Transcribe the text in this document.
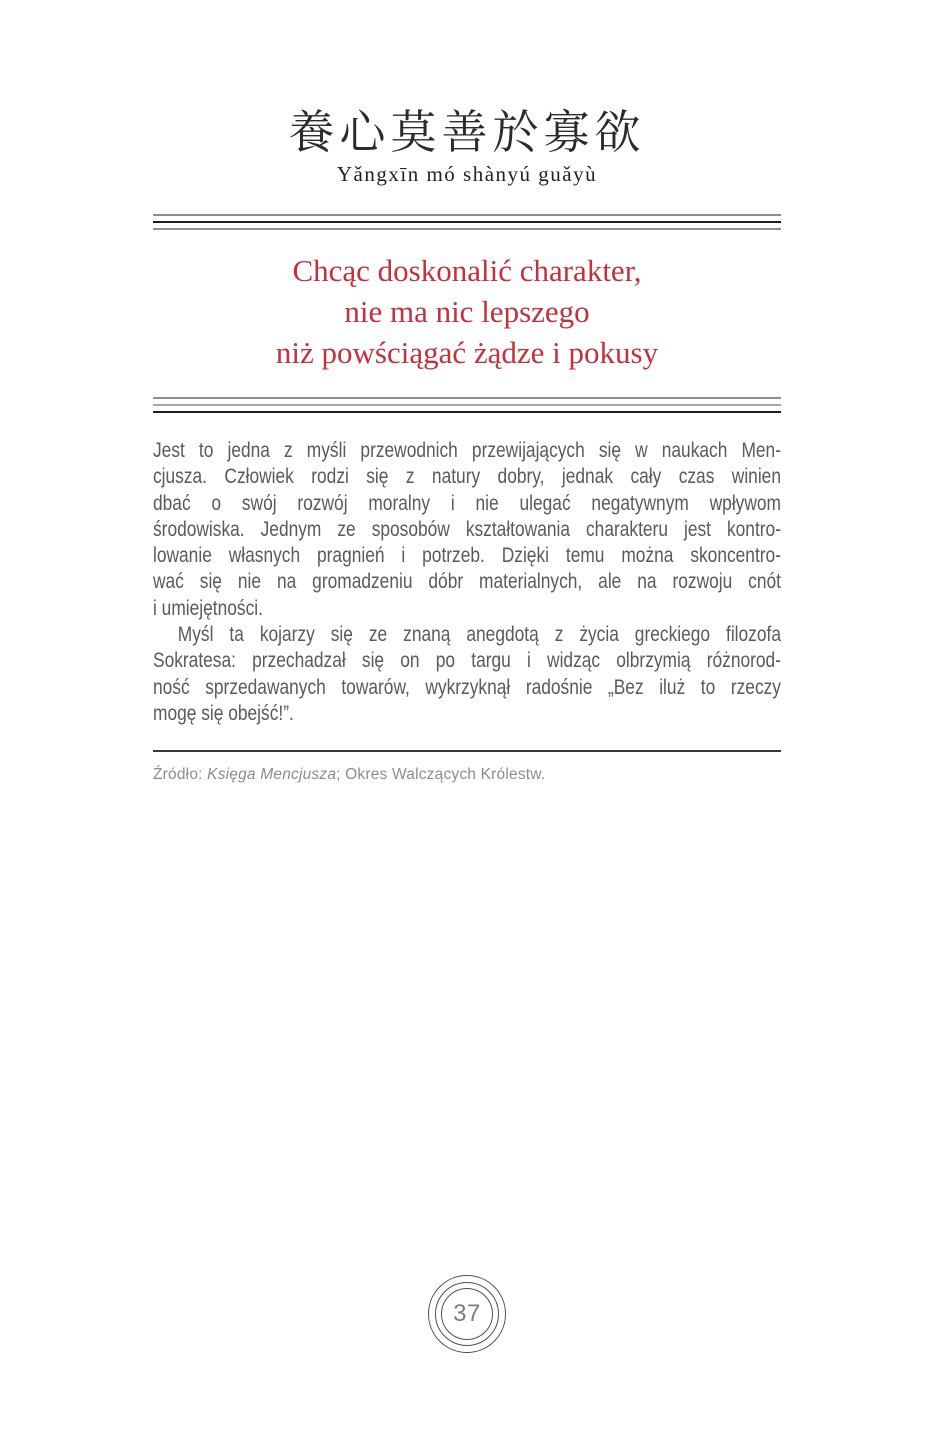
養心莫善於寡欲
Yǎngxīn mó shànyú guǎyù
Chcąc doskonalić charakter,
nie ma nic lepszego
niż powściągać żądze i pokusy
Jest to jedna z myśli przewodnich przewijających się w naukach Men-
cjusza. Człowiek rodzi się z natury dobry, jednak cały czas winien
dbać o swój rozwój moralny i nie ulegać negatywnym wpływom
środowiska. Jednym ze sposobów kształtowania charakteru jest kontro-
lowanie własnych pragnień i potrzeb. Dzięki temu można skoncentro-
wać się nie na gromadzeniu dóbr materialnych, ale na rozwoju cnót
i umiejętności.
Myśl ta kojarzy się ze znaną anegdotą z życia greckiego filozofa
Sokratesa: przechadzał się on po targu i widząc olbrzymią różnorod-
ność sprzedawanych towarów, wykrzyknął radośnie „Bez iluż to rzeczy
mogę się obejść!”.
Źródło: Księga Mencjusza; Okres Walczących Królestw.
37
